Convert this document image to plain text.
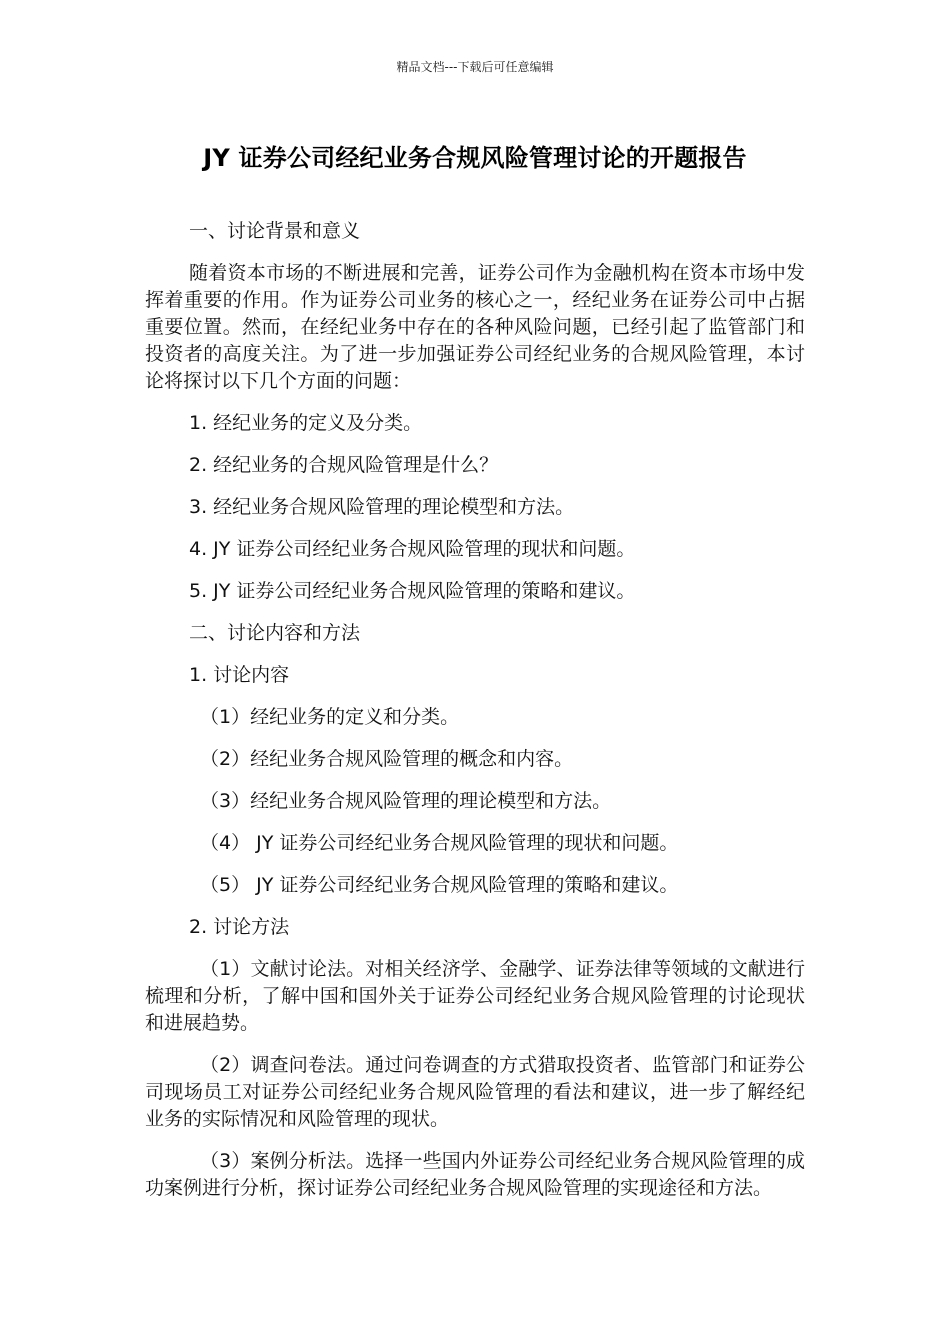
精品文档---下载后可任意编辑
JY 证券公司经纪业务合规风险管理讨论的开题报告
一、讨论背景和意义
随着资本市场的不断进展和完善，证券公司作为金融机构在资本市场中发挥着重要的作用。作为证券公司业务的核心之一，经纪业务在证券公司中占据重要位置。然而，在经纪业务中存在的各种风险问题，已经引起了监管部门和投资者的高度关注。为了进一步加强证券公司经纪业务的合规风险管理，本讨论将探讨以下几个方面的问题：
1. 经纪业务的定义及分类。
2. 经纪业务的合规风险管理是什么？
3. 经纪业务合规风险管理的理论模型和方法。
4. JY 证券公司经纪业务合规风险管理的现状和问题。
5. JY 证券公司经纪业务合规风险管理的策略和建议。
二、讨论内容和方法
1. 讨论内容
（1）经纪业务的定义和分类。
（2）经纪业务合规风险管理的概念和内容。
（3）经纪业务合规风险管理的理论模型和方法。
（4） JY 证券公司经纪业务合规风险管理的现状和问题。
（5） JY 证券公司经纪业务合规风险管理的策略和建议。
2. 讨论方法
（1）文献讨论法。对相关经济学、金融学、证券法律等领域的文献进行梳理和分析，了解中国和国外关于证券公司经纪业务合规风险管理的讨论现状和进展趋势。
（2）调查问卷法。通过问卷调查的方式猎取投资者、监管部门和证券公司现场员工对证券公司经纪业务合规风险管理的看法和建议，进一步了解经纪业务的实际情况和风险管理的现状。
（3）案例分析法。选择一些国内外证券公司经纪业务合规风险管理的成功案例进行分析，探讨证券公司经纪业务合规风险管理的实现途径和方法。
